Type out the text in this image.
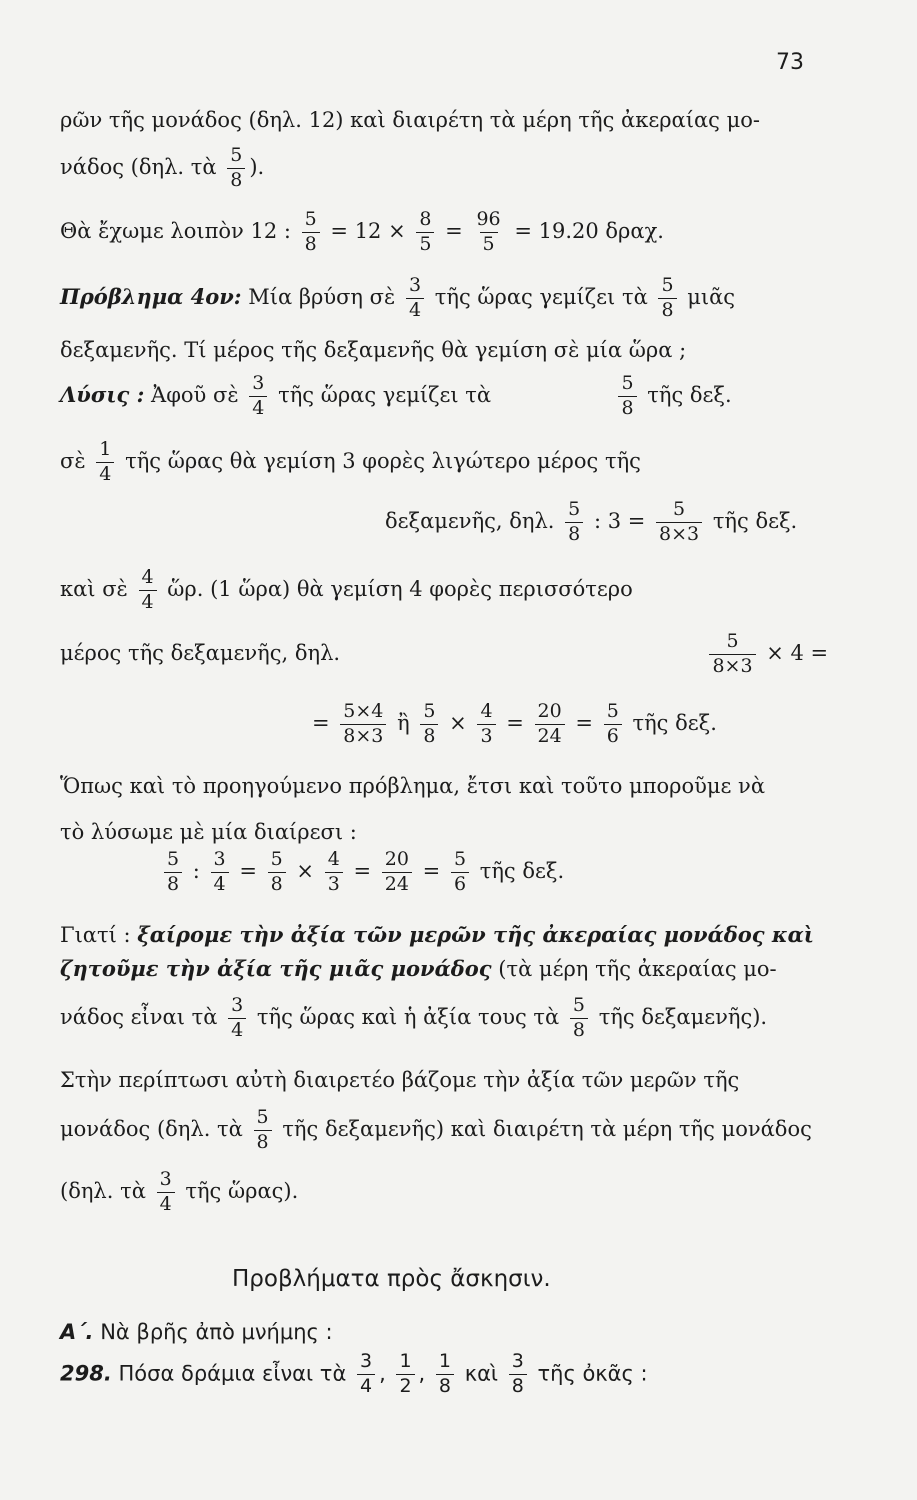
73
ρῶν τῆς μονάδος (δηλ. 12) καὶ διαιρέτη τὰ μέρη τῆς ἀκεραίας μο-
νάδος (δηλ. τὰ $\frac{5}{8}$ ).
Θὰ ἔχωμε λοιπὸν 12 : $\frac{5}{8} = 12 \times \frac{8}{5} = \frac{96}{5} = 19.20$ δραχ.
Πρόβλημα 4ον: Μία βρύση σὲ $\frac{3}{4}$ τῆς ὥρας γεμίζει τὰ $\frac{5}{8}$ μιᾶς
δεξαμενῆς. Τί μέρος τῆς δεξαμενῆς θὰ γεμίση σὲ μία ὥρα ;
Λύσις : Ἀφοῦ σὲ $\frac{3}{4}$ τῆς ὥρας γεμίζει τὰ	$\frac{5}{8}$ τῆς δεξ.
σὲ $\frac{1}{4}$ τῆς ὥρας θὰ γεμίση 3 φορὲς λιγώτερο μέρος τῆς
δεξαμενῆς, δηλ. $\frac{5}{8}$ : $3 = \frac{5}{8\times 3}$ τῆς δεξ.
καὶ σὲ $\frac{4}{4}$ ὥρ. (1 ὥρα) θὰ γεμίση 4 φορὲς περισσότερο
μέρος τῆς δεξαμενῆς, δηλ.	$\frac{5}{8\times 3} \times 4$ =
= $\frac{5\times 4}{8\times 3}$ ἢ $\frac{5}{8} \times \frac{4}{3} = \frac{20}{24} = \frac{5}{6}$ τῆς δεξ.
Ὅπως καὶ τὸ προηγούμενο πρόβλημα, ἔτσι καὶ τοῦτο μποροῦμε νὰ
τὸ λύσωμε μὲ μία διαίρεσι :
$\frac{5}{8}$ : $\frac{3}{4} = \frac{5}{8} \times \frac{4}{3} = \frac{20}{24} = \frac{5}{6}$ τῆς δεξ.
Γιατί : ξαίρομε τὴν ἀξία τῶν μερῶν τῆς ἀκεραίας μονάδος καὶ
ζητοῦμε τὴν ἀξία τῆς μιᾶς μονάδος (τὰ μέρη τῆς ἀκεραίας μο-
νάδος εἶναι τὰ $\frac{3}{4}$ τῆς ὥρας καὶ ἡ ἀξία τους τὰ $\frac{5}{8}$ τῆς δεξαμενῆς).
Στὴν περίπτωσι αὐτὴ διαιρετέο βάζομε τὴν ἀξία τῶν μερῶν τῆς
μονάδος (δηλ. τὰ $\frac{5}{8}$ τῆς δεξαμενῆς) καὶ διαιρέτη τὰ μέρη τῆς μονάδος
(δηλ. τὰ $\frac{3}{4}$ τῆς ὥρας).
Προβλήματα πρὸς ἄσκησιν.
Α΄. Νὰ βρῆς ἀπὸ μνήμης :
298. Πόσα δράμια εἶναι τὰ $\frac{3}{4}$ , $\frac{1}{2}$ , $\frac{1}{8}$ καὶ $\frac{3}{8}$ τῆς ὀκᾶς :
